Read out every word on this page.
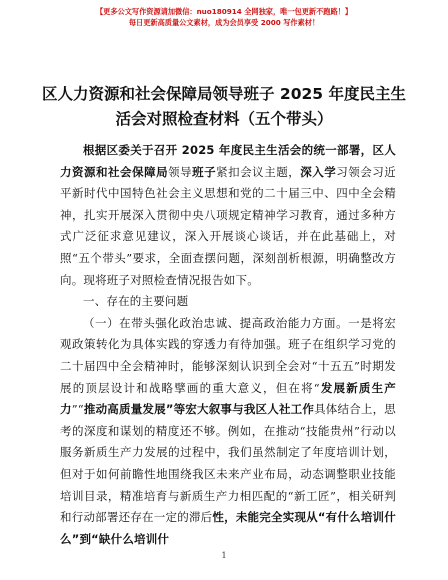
【更多公文写作资源请加微信：nuo180914 全网独家，唯一包更新不跑路！】
每日更新高质量公文素材，成为会员享受 2000 写作素材！
区人力资源和社会保障局领导班子 2025 年度民主生活会对照检查材料（五个带头）

根据区委关于召开 2025 年度民主生活会的统一部署，区人力资源和社会保障局领导班子紧扣会议主题，深入学习领会习近平新时代中国特色社会主义思想和党的二十届三中、四中全会精神，扎实开展深入贯彻中央八项规定精神学习教育，通过多种方式广泛征求意见建议，深入开展谈心谈话，并在此基础上，对照“五个带头”要求，全面查摆问题，深刻剖析根源，明确整改方向。现将班子对照检查情况报告如下。

一、存在的主要问题

（一）在带头强化政治忠诚、提高政治能力方面。一是将宏观政策转化为具体实践的穿透力有待加强。班子在组织学习党的二十届四中全会精神时，能够深刻认识到全会对“十五五”时期发展的顶层设计和战略擘画的重大意义，但在将“发展新质生产力”“推动高质量发展”等宏大叙事与我区人社工作具体结合上，思考的深度和谋划的精度还不够。例如，在推动“技能贵州”行动以服务新质生产力发展的过程中，我们虽然制定了年度培训计划，但对于如何前瞻性地围绕我区未来产业布局，动态调整职业技能培训目录，精准培育与新质生产力相匹配的“新工匠”，相关研判和行动部署还存在一定的滞后性，未能完全实现从“有什么培训什么”到“缺什么培训什

1
